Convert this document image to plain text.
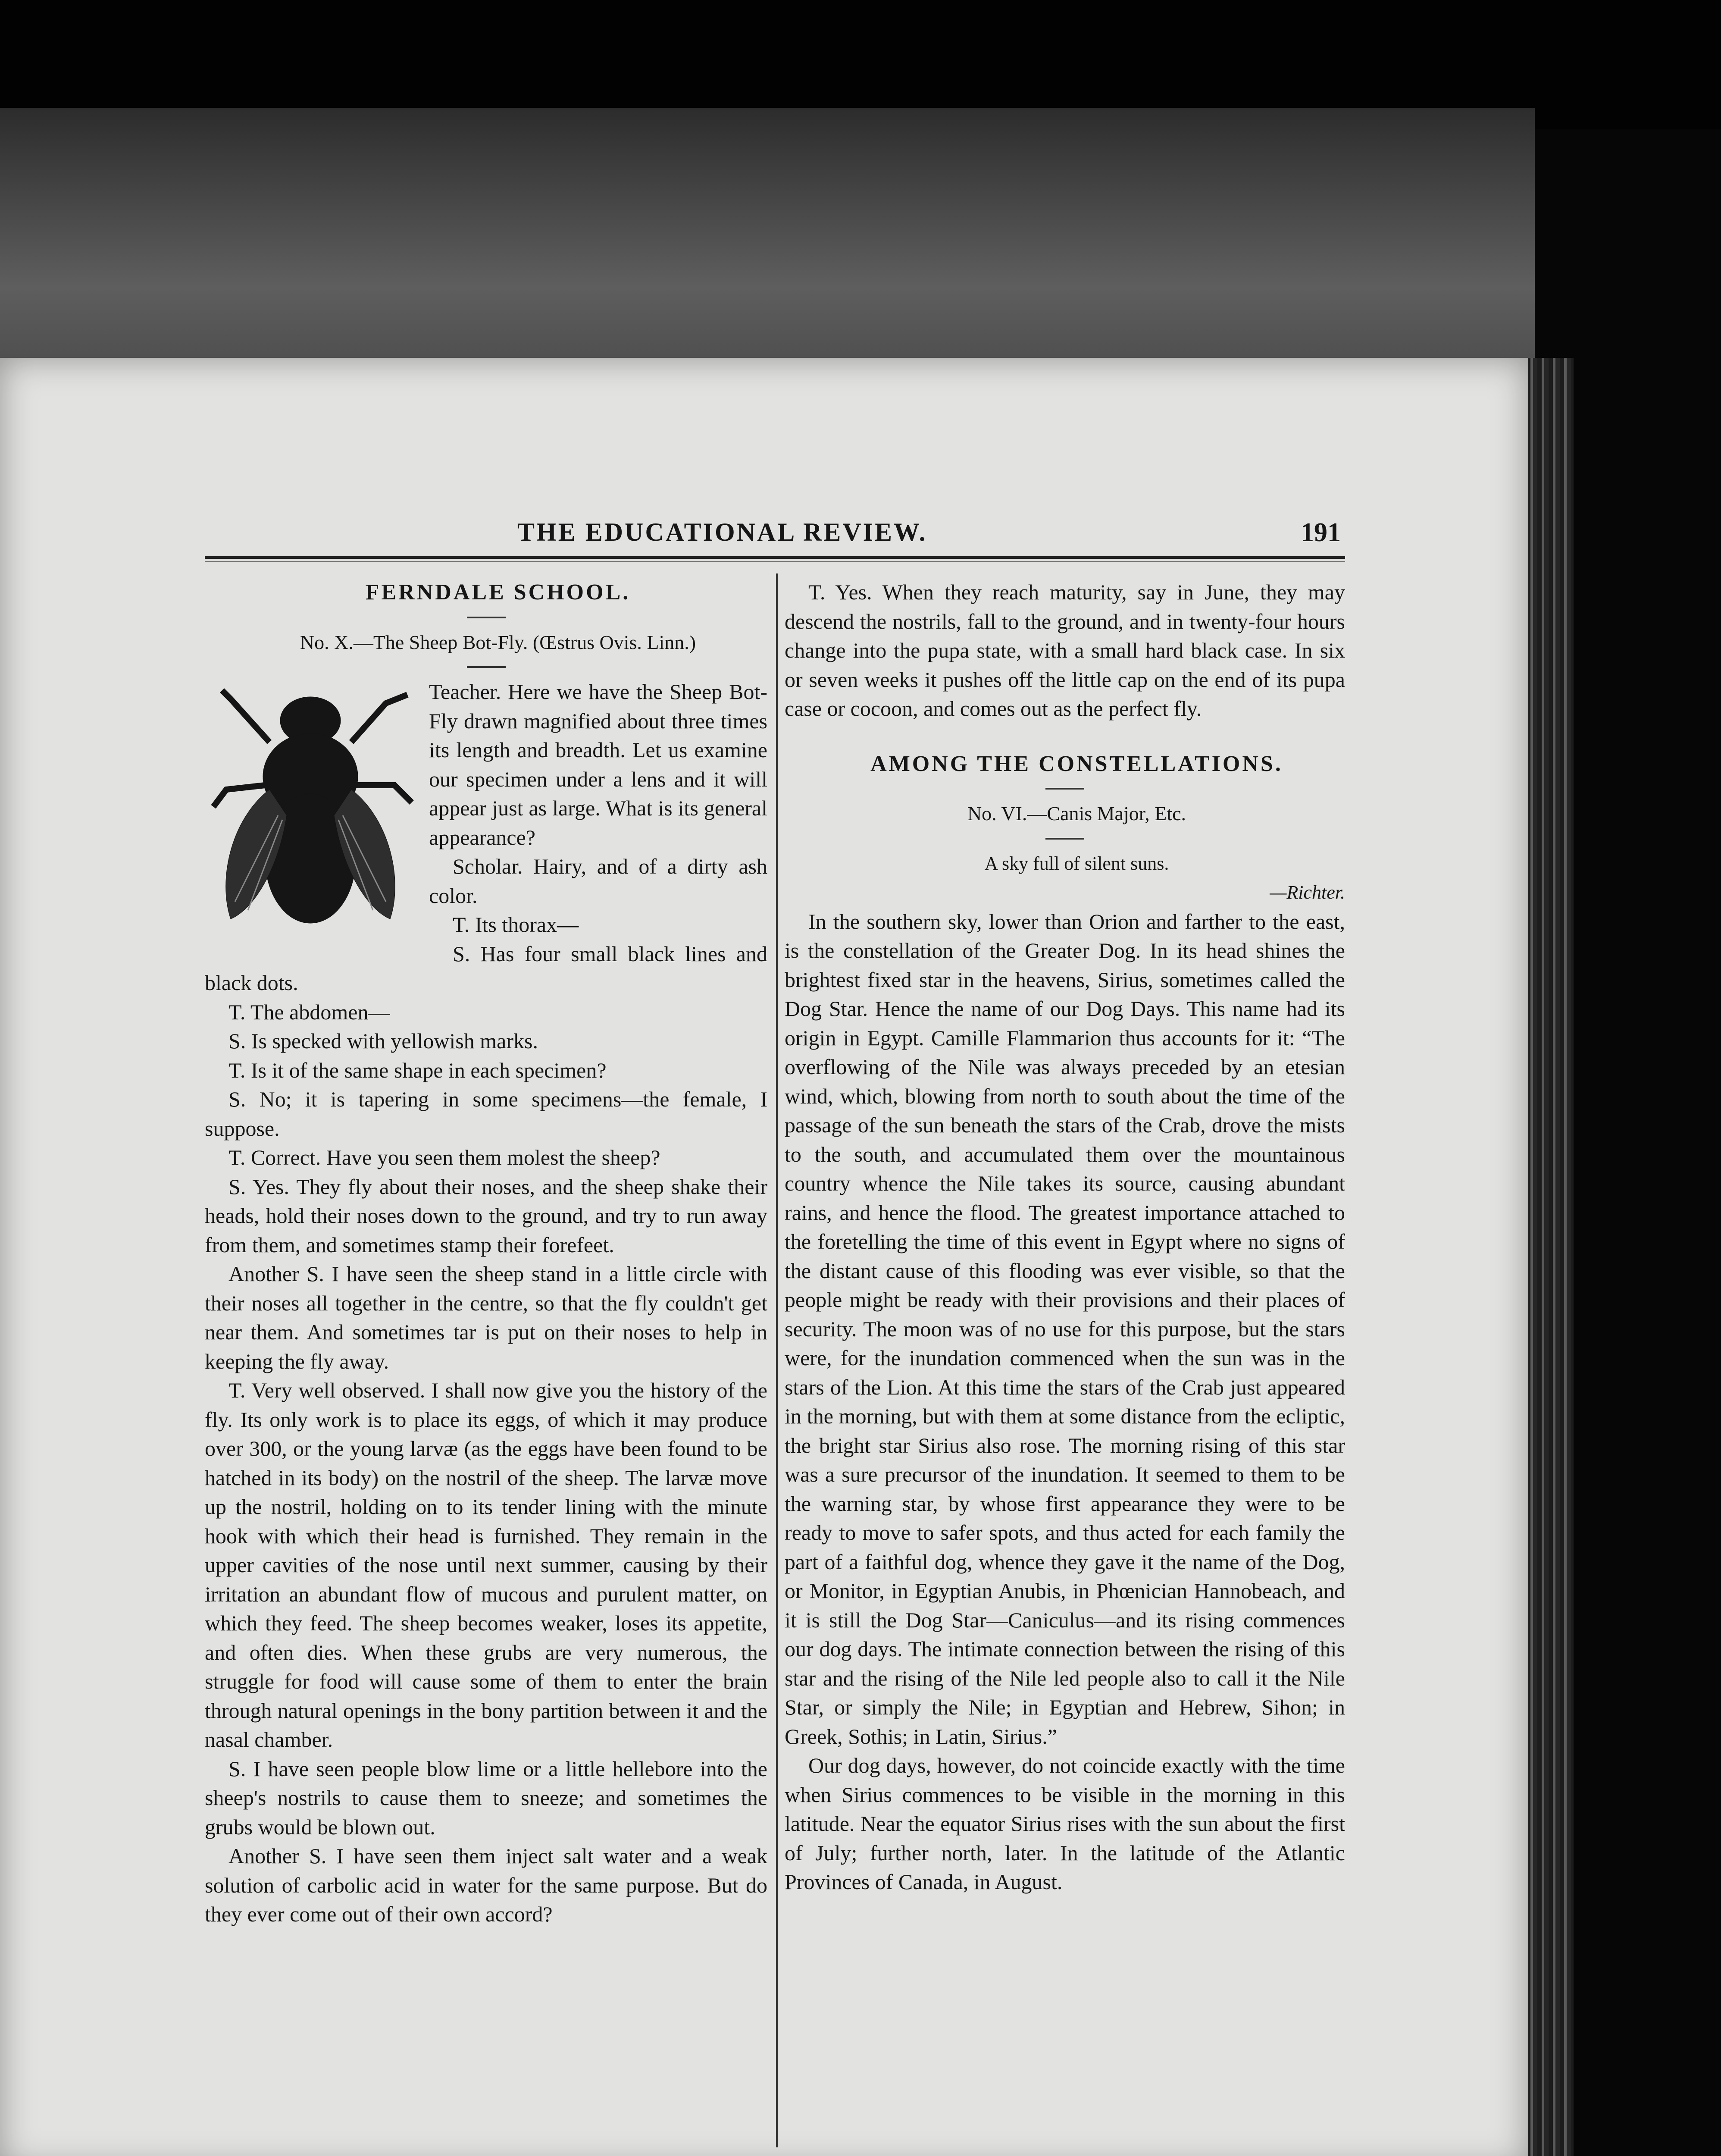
THE EDUCATIONAL REVIEW.	191

FERNDALE SCHOOL.

No. X.—The Sheep Bot-Fly. (Œstrus Ovis. Linn.)

Teacher. Here we have the Sheep Bot-Fly drawn magnified about three times its length and breadth. Let us examine our specimen under a lens and it will appear just as large. What is its general appearance?

Scholar. Hairy, and of a dirty ash color.

T. Its thorax—

S. Has four small black lines and black dots.

T. The abdomen—

S. Is specked with yellowish marks.

T. Is it of the same shape in each specimen?

S. No; it is tapering in some specimens—the female, I suppose.

T. Correct. Have you seen them molest the sheep?

S. Yes. They fly about their noses, and the sheep shake their heads, hold their noses down to the ground, and try to run away from them, and sometimes stamp their forefeet.

Another S. I have seen the sheep stand in a little circle with their noses all together in the centre, so that the fly couldn't get near them. And sometimes tar is put on their noses to help in keeping the fly away.

T. Very well observed. I shall now give you the history of the fly. Its only work is to place its eggs, of which it may produce over 300, or the young larvæ (as the eggs have been found to be hatched in its body) on the nostril of the sheep. The larvæ move up the nostril, holding on to its tender lining with the minute hook with which their head is furnished. They remain in the upper cavities of the nose until next summer, causing by their irritation an abundant flow of mucous and purulent matter, on which they feed. The sheep becomes weaker, loses its appetite, and often dies. When these grubs are very numerous, the struggle for food will cause some of them to enter the brain through natural openings in the bony partition between it and the nasal chamber.

S. I have seen people blow lime or a little hellebore into the sheep's nostrils to cause them to sneeze; and sometimes the grubs would be blown out.

Another S. I have seen them inject salt water and a weak solution of carbolic acid in water for the same purpose. But do they ever come out of their own accord?

T. Yes. When they reach maturity, say in June, they may descend the nostrils, fall to the ground, and in twenty-four hours change into the pupa state, with a small hard black case. In six or seven weeks it pushes off the little cap on the end of its pupa case or cocoon, and comes out as the perfect fly.

AMONG THE CONSTELLATIONS.

No. VI.—Canis Major, Etc.

A sky full of silent suns.

—Richter.

In the southern sky, lower than Orion and farther to the east, is the constellation of the Greater Dog. In its head shines the brightest fixed star in the heavens, Sirius, sometimes called the Dog Star. Hence the name of our Dog Days. This name had its origin in Egypt. Camille Flammarion thus accounts for it: “The overflowing of the Nile was always preceded by an etesian wind, which, blowing from north to south about the time of the passage of the sun beneath the stars of the Crab, drove the mists to the south, and accumulated them over the mountainous country whence the Nile takes its source, causing abundant rains, and hence the flood. The greatest importance attached to the foretelling the time of this event in Egypt where no signs of the distant cause of this flooding was ever visible, so that the people might be ready with their provisions and their places of security. The moon was of no use for this purpose, but the stars were, for the inundation commenced when the sun was in the stars of the Lion. At this time the stars of the Crab just appeared in the morning, but with them at some distance from the ecliptic, the bright star Sirius also rose. The morning rising of this star was a sure precursor of the inundation. It seemed to them to be the warning star, by whose first appearance they were to be ready to move to safer spots, and thus acted for each family the part of a faithful dog, whence they gave it the name of the Dog, or Monitor, in Egyptian Anubis, in Phœnician Hannobeach, and it is still the Dog Star—Caniculus—and its rising commences our dog days. The intimate connection between the rising of this star and the rising of the Nile led people also to call it the Nile Star, or simply the Nile; in Egyptian and Hebrew, Sihon; in Greek, Sothis; in Latin, Sirius.”

Our dog days, however, do not coincide exactly with the time when Sirius commences to be visible in the morning in this latitude. Near the equator Sirius rises with the sun about the first of July; further north, later. In the latitude of the Atlantic Provinces of Canada, in August.
